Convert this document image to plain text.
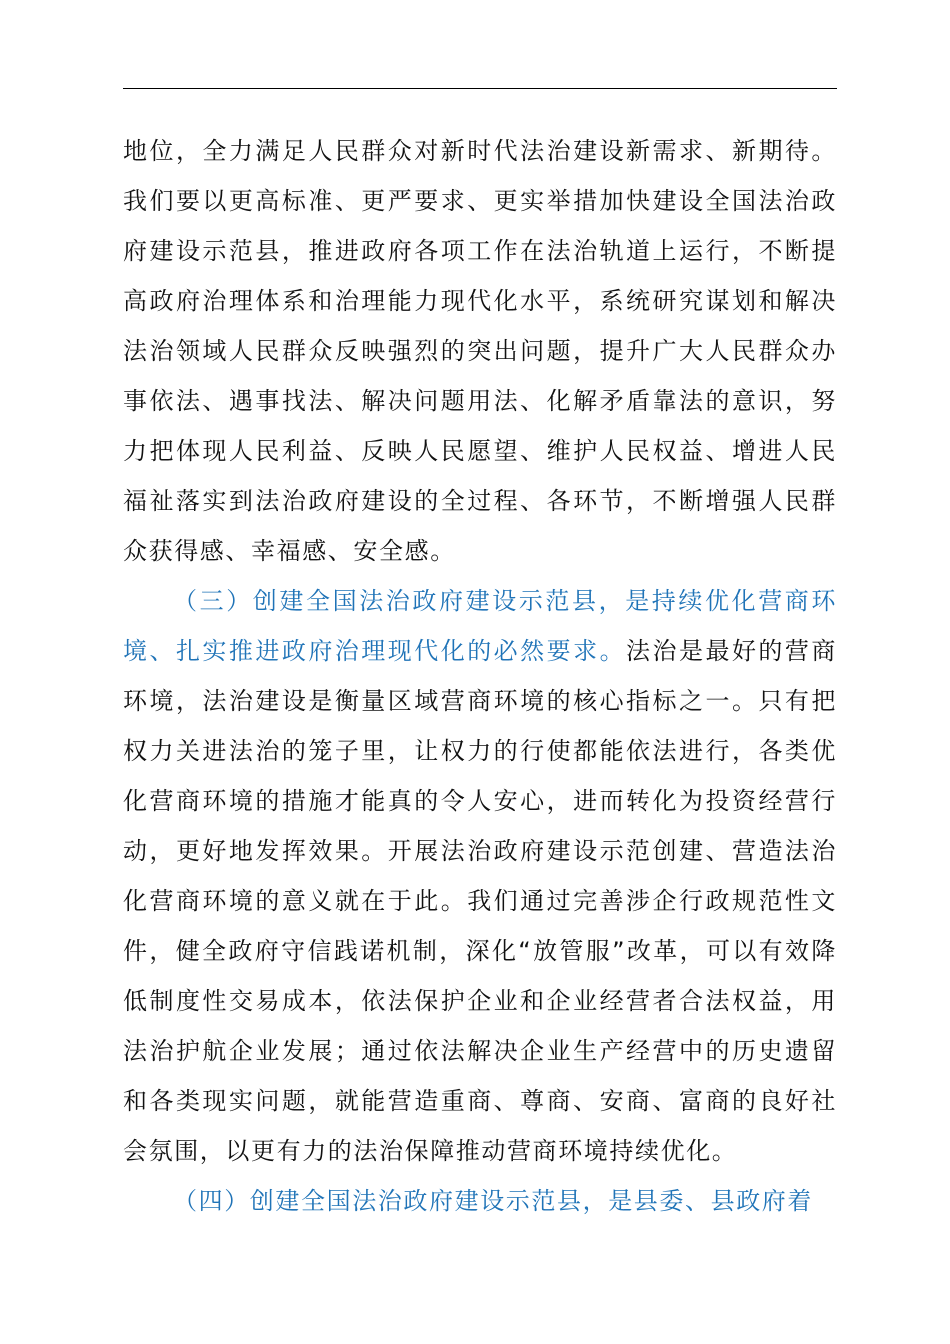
地位，全力满足人民群众对新时代法治建设新需求、新期待。我们要以更高标准、更严要求、更实举措加快建设全国法治政府建设示范县，推进政府各项工作在法治轨道上运行，不断提高政府治理体系和治理能力现代化水平，系统研究谋划和解决法治领域人民群众反映强烈的突出问题，提升广大人民群众办事依法、遇事找法、解决问题用法、化解矛盾靠法的意识，努力把体现人民利益、反映人民愿望、维护人民权益、增进人民福祉落实到法治政府建设的全过程、各环节，不断增强人民群众获得感、幸福感、安全感。

（三）创建全国法治政府建设示范县，是持续优化营商环境、扎实推进政府治理现代化的必然要求。法治是最好的营商环境，法治建设是衡量区域营商环境的核心指标之一。只有把权力关进法治的笼子里，让权力的行使都能依法进行，各类优化营商环境的措施才能真的令人安心，进而转化为投资经营行动，更好地发挥效果。开展法治政府建设示范创建、营造法治化营商环境的意义就在于此。我们通过完善涉企行政规范性文件，健全政府守信践诺机制，深化“放管服”改革，可以有效降低制度性交易成本，依法保护企业和企业经营者合法权益，用法治护航企业发展；通过依法解决企业生产经营中的历史遗留和各类现实问题，就能营造重商、尊商、安商、富商的良好社会氛围，以更有力的法治保障推动营商环境持续优化。

（四）创建全国法治政府建设示范县，是县委、县政府着
